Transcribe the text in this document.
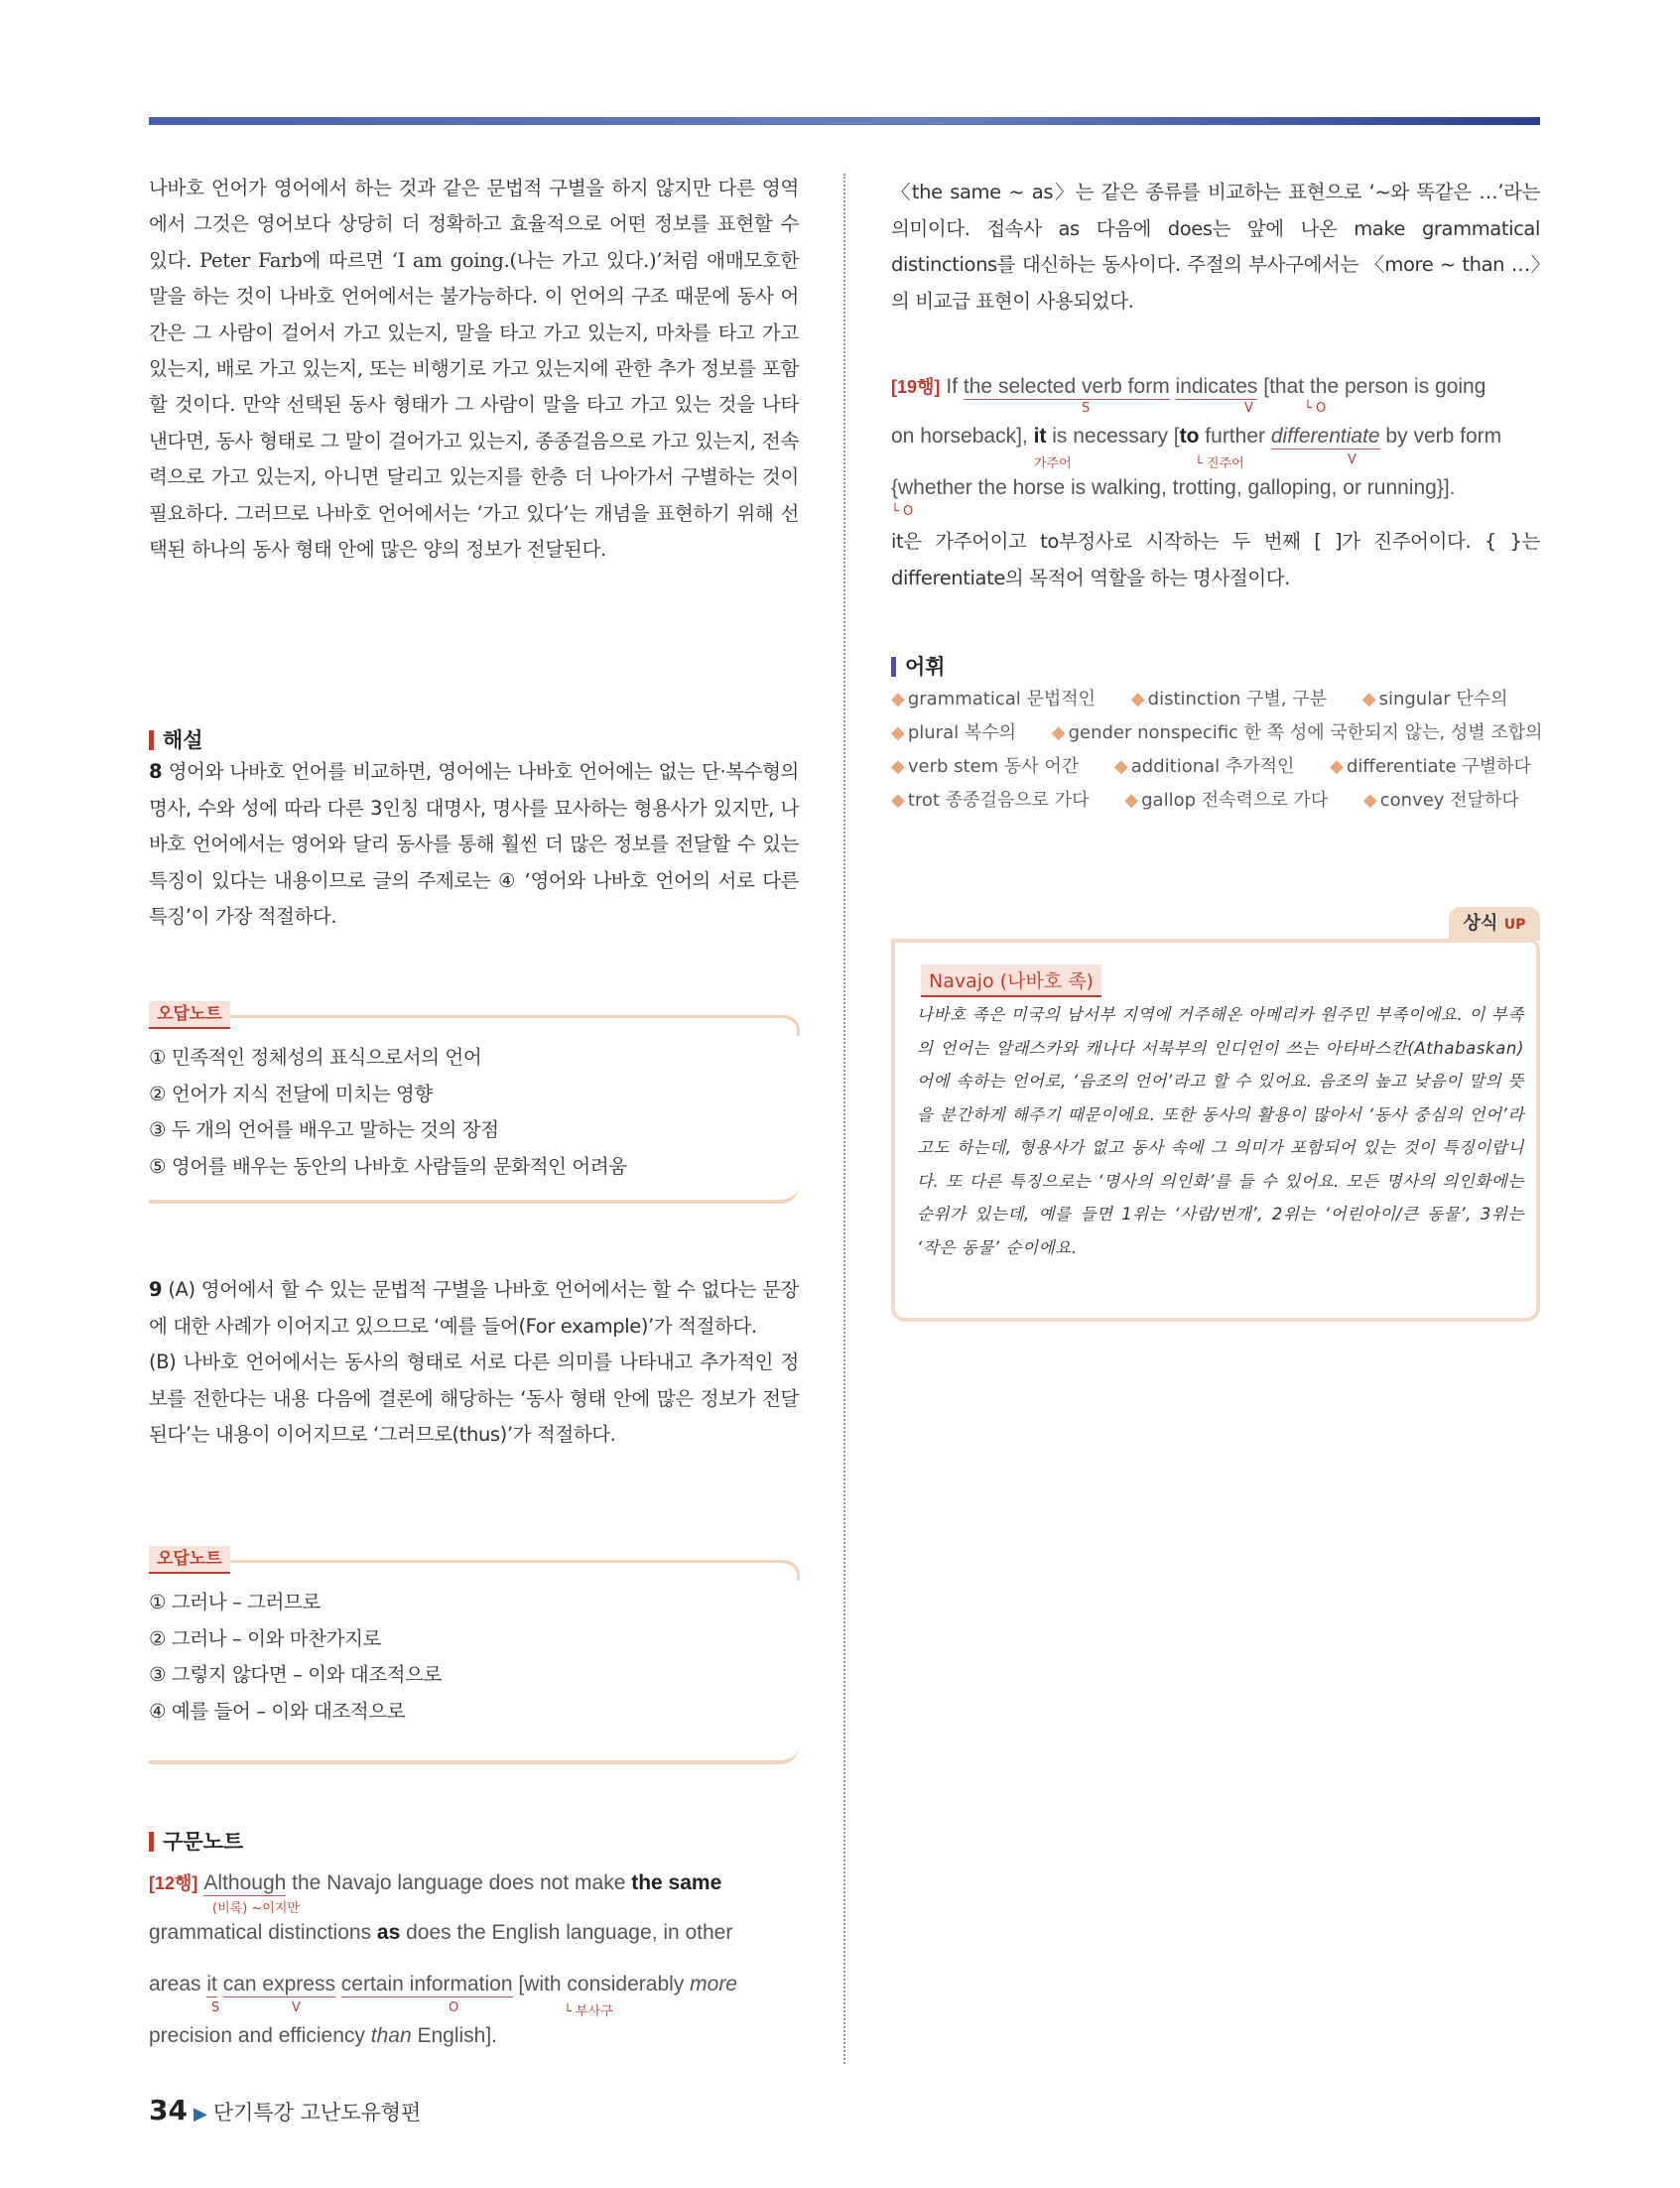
나바호 언어가 영어에서 하는 것과 같은 문법적 구별을 하지 않지만 다른 영역에서 그것은 영어보다 상당히 더 정확하고 효율적으로 어떤 정보를 표현할 수 있다. Peter Farb에 따르면 ‘I am going.(나는 가고 있다.)’처럼 애매모호한 말을 하는 것이 나바호 언어에서는 불가능하다. 이 언어의 구조 때문에 동사 어간은 그 사람이 걸어서 가고 있는지, 말을 타고 가고 있는지, 마차를 타고 가고 있는지, 배로 가고 있는지, 또는 비행기로 가고 있는지에 관한 추가 정보를 포함할 것이다. 만약 선택된 동사 형태가 그 사람이 말을 타고 가고 있는 것을 나타낸다면, 동사 형태로 그 말이 걸어가고 있는지, 종종걸음으로 가고 있는지, 전속력으로 가고 있는지, 아니면 달리고 있는지를 한층 더 나아가서 구별하는 것이 필요하다. 그러므로 나바호 언어에서는 ‘가고 있다’는 개념을 표현하기 위해 선택된 하나의 동사 형태 안에 많은 양의 정보가 전달된다.

해설

8 영어와 나바호 언어를 비교하면, 영어에는 나바호 언어에는 없는 단·복수형의 명사, 수와 성에 따라 다른 3인칭 대명사, 명사를 묘사하는 형용사가 있지만, 나바호 언어에서는 영어와 달리 동사를 통해 훨씬 더 많은 정보를 전달할 수 있는 특징이 있다는 내용이므로 글의 주제로는 ④ ‘영어와 나바호 언어의 서로 다른 특징’이 가장 적절하다.

오답노트
① 민족적인 정체성의 표식으로서의 언어
② 언어가 지식 전달에 미치는 영향
③ 두 개의 언어를 배우고 말하는 것의 장점
⑤ 영어를 배우는 동안의 나바호 사람들의 문화적인 어려움

9 (A) 영어에서 할 수 있는 문법적 구별을 나바호 언어에서는 할 수 없다는 문장에 대한 사례가 이어지고 있으므로 ‘예를 들어(For example)’가 적절하다.
(B) 나바호 언어에서는 동사의 형태로 서로 다른 의미를 나타내고 추가적인 정보를 전한다는 내용 다음에 결론에 해당하는 ‘동사 형태 안에 많은 정보가 전달된다’는 내용이 이어지므로 ‘그러므로(thus)’가 적절하다.

오답노트
① 그러나 – 그러므로
② 그러나 – 이와 마찬가지로
③ 그렇지 않다면 – 이와 대조적으로
④ 예를 들어 – 이와 대조적으로
구문노트
[12행] Although the Navajo language does not make the same
(비록) ~이지만
grammatical distinctions as does the English language, in other
areas it can express certain information [with considerably more
S	V	O	└ 부사구
precision and efficiency than English].

〈the same ~ as〉는 같은 종류를 비교하는 표현으로 ‘~와 똑같은 …’라는 의미이다. 접속사 as 다음에 does는 앞에 나온 make grammatical distinctions를 대신하는 동사이다. 주절의 부사구에서는 〈more ~ than …〉의 비교급 표현이 사용되었다.

[19행] If the selected verb form indicates [that the person is going
S	V	└ O
on horseback], it is necessary [to further differentiate by verb form
가주어	└ 진주어	V
{whether the horse is walking, trotting, galloping, or running}].
└ O

it은 가주어이고 to부정사로 시작하는 두 번째 [ ]가 진주어이다. { }는 differentiate의 목적어 역할을 하는 명사절이다.

어휘
◆ grammatical 문법적인 ◆ distinction 구별, 구분 ◆ singular 단수의
◆ plural 복수의 ◆ gender nonspecific 한 쪽 성에 국한되지 않는, 성별 조합의
◆ verb stem 동사 어간 ◆ additional 추가적인 ◆ differentiate 구별하다
◆ trot 종종걸음으로 가다 ◆ gallop 전속력으로 가다 ◆ convey 전달하다
상식 UP
Navajo (나바호 족)

나바호 족은 미국의 남서부 지역에 거주해온 아메리카 원주민 부족이에요. 이 부족의 언어는 알래스카와 캐나다 서북부의 인디언이 쓰는 아타바스칸(Athabaskan)어에 속하는 언어로, ‘음조의 언어’라고 할 수 있어요. 음조의 높고 낮음이 말의 뜻을 분간하게 해주기 때문이에요. 또한 동사의 활용이 많아서 ‘동사 중심의 언어’라고도 하는데, 형용사가 없고 동사 속에 그 의미가 포함되어 있는 것이 특징이랍니다. 또 다른 특징으로는 ‘명사의 의인화’를 들 수 있어요. 모든 명사의 의인화에는 순위가 있는데, 예를 들면 1위는 ‘사람/번개’, 2위는 ‘어린아이/큰 동물’, 3위는 ‘작은 동물’ 순이에요.

34 ▶ 단기특강 고난도유형편
